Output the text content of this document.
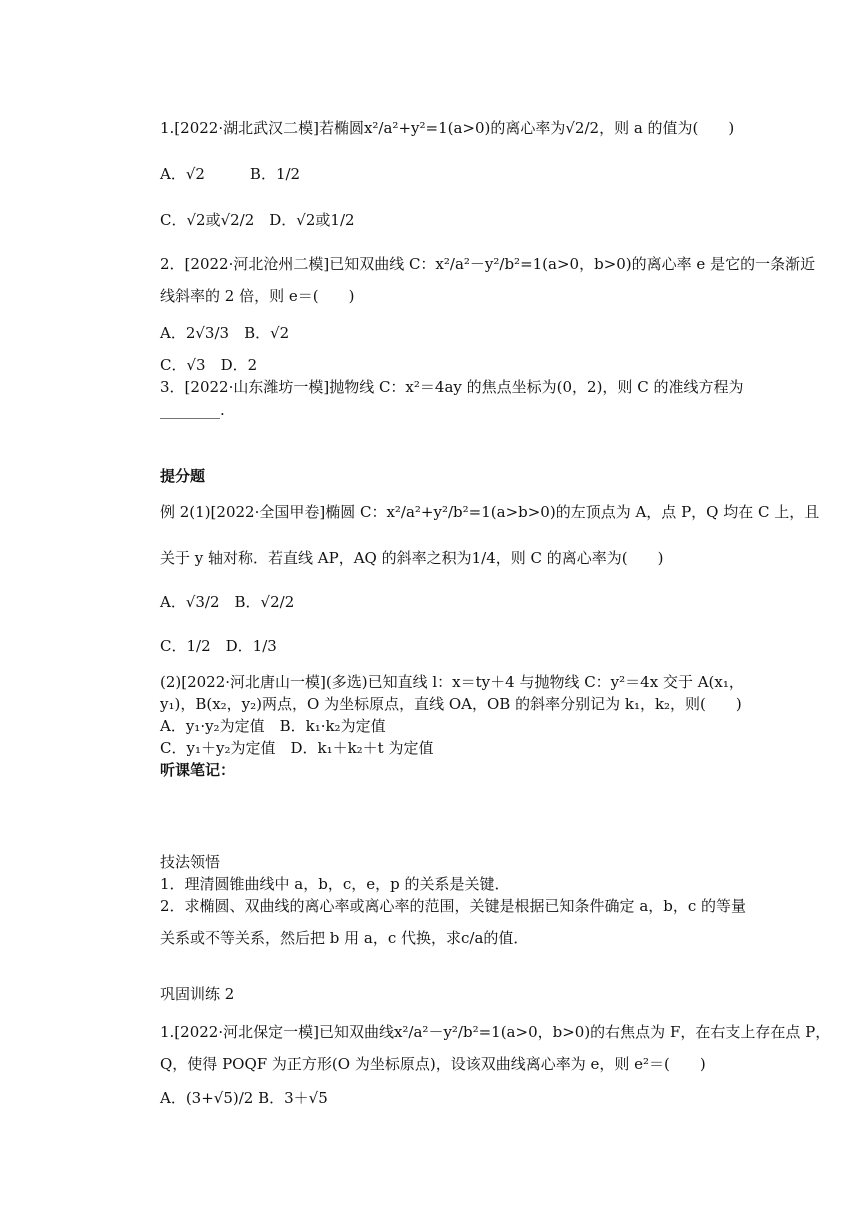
1.[2022·湖北武汉二模]若椭圆x²/a²+y²=1(a>0)的离心率为√2/2，则 a 的值为(　　)
A．√2　　　B．1/2
C．√2或√2/2　D．√2或1/2
2．[2022·河北沧州二模]已知双曲线 C：x²/a²－y²/b²=1(a>0，b>0)的离心率 e 是它的一条渐近
线斜率的 2 倍，则 e＝(　　)
A．2√3/3　B．√2
C．√3　D．2
3．[2022·山东潍坊一模]抛物线 C：x²＝4ay 的焦点坐标为(0，2)，则 C 的准线方程为
________.
提分题
例 2(1)[2022·全国甲卷]椭圆 C：x²/a²+y²/b²=1(a>b>0)的左顶点为 A，点 P，Q 均在 C 上，且
关于 y 轴对称．若直线 AP，AQ 的斜率之积为1/4，则 C 的离心率为(　　)
A．√3/2　B．√2/2
C．1/2　D．1/3
(2)[2022·河北唐山一模](多选)已知直线 l：x＝ty＋4 与抛物线 C：y²＝4x 交于 A(x₁，
y₁)，B(x₂，y₂)两点，O 为坐标原点，直线 OA，OB 的斜率分别记为 k₁，k₂，则(　　)
A．y₁·y₂为定值　B．k₁·k₂为定值
C．y₁＋y₂为定值　D．k₁＋k₂＋t 为定值
听课笔记：
技法领悟
1．理清圆锥曲线中 a，b，c，e，p 的关系是关键．
2．求椭圆、双曲线的离心率或离心率的范围，关键是根据已知条件确定 a，b，c 的等量
关系或不等关系，然后把 b 用 a，c 代换，求c/a的值．
巩固训练 2
1.[2022·河北保定一模]已知双曲线x²/a²－y²/b²=1(a>0，b>0)的右焦点为 F，在右支上存在点 P，
Q，使得 POQF 为正方形(O 为坐标原点)，设该双曲线离心率为 e，则 e²＝(　　)
A．(3+√5)/2 B．3＋√5
